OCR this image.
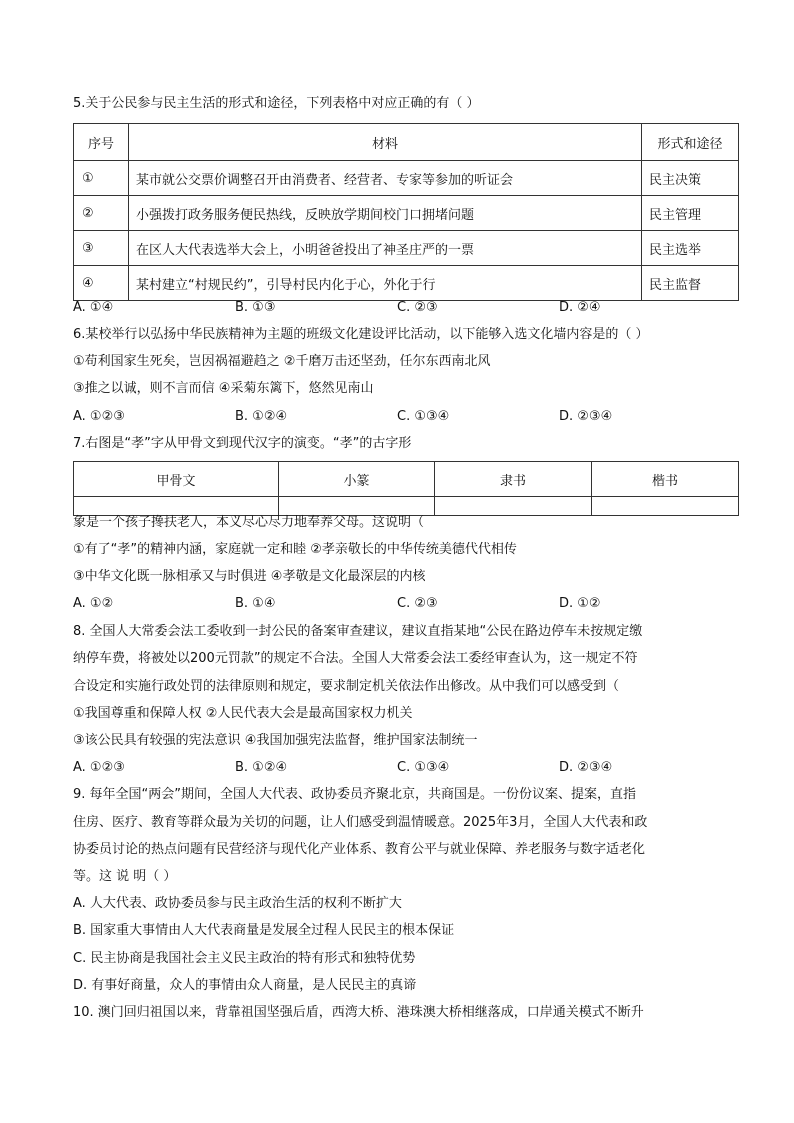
5.关于公民参与民主生活的形式和途径，下列表格中对应正确的有（ ）
序号	材料	形式和途径
①	某市就公交票价调整召开由消费者、经营者、专家等参加的听证会	民主决策
②	小强拨打政务服务便民热线，反映放学期间校门口拥堵问题	民主管理
③	在区人大代表选举大会上，小明爸爸投出了神圣庄严的一票	民主选举
④	某村建立“村规民约”，引导村民内化于心，外化于行	民主监督
A. ①④	B. ①③	C. ②③	D. ②④
6.某校举行以弘扬中华民族精神为主题的班级文化建设评比活动，以下能够入选文化墙内容是的（ ）
①苟利国家生死矣，岂因祸福避趋之 ②千磨万击还坚劲，任尔东西南北风
③推之以诚，则不言而信 ④采菊东篱下，悠然见南山
A. ①②③	B. ①②④	C. ①③④	D. ②③④
7.右图是“孝”字从甲骨文到现代汉字的演变。“孝”的古字形
甲骨文	小篆	隶书	楷书

象是一个孩子搀扶老人，本义尽心尽力地奉养父母。这说明（
①有了“孝”的精神内涵，家庭就一定和睦 ②孝亲敬长的中华传统美德代代相传
③中华文化既一脉相承又与时俱进 ④孝敬是文化最深层的内核
A. ①②	B. ①④	C. ②③	D. ①②
8. 全国人大常委会法工委收到一封公民的备案审查建议，建议直指某地“公民在路边停车未按规定缴
纳停车费，将被处以200元罚款”的规定不合法。全国人大常委会法工委经审查认为，这一规定不符
合设定和实施行政处罚的法律原则和规定，要求制定机关依法作出修改。从中我们可以感受到（
①我国尊重和保障人权 ②人民代表大会是最高国家权力机关
③该公民具有较强的宪法意识 ④我国加强宪法监督，维护国家法制统一
A. ①②③	B. ①②④	C. ①③④	D. ②③④
9. 每年全国“两会”期间，全国人大代表、政协委员齐聚北京，共商国是。一份份议案、提案，直指
住房、医疗、教育等群众最为关切的问题，让人们感受到温情暖意。2025年3月，全国人大代表和政
协委员讨论的热点问题有民营经济与现代化产业体系、教育公平与就业保障、养老服务与数字适老化
等。这 说 明（ ）
A. 人大代表、政协委员参与民主政治生活的权利不断扩大
B. 国家重大事情由人大代表商量是发展全过程人民民主的根本保证
C. 民主协商是我国社会主义民主政治的特有形式和独特优势
D. 有事好商量，众人的事情由众人商量，是人民民主的真谛
10. 澳门回归祖国以来，背靠祖国坚强后盾，西湾大桥、港珠澳大桥相继落成，口岸通关模式不断升
